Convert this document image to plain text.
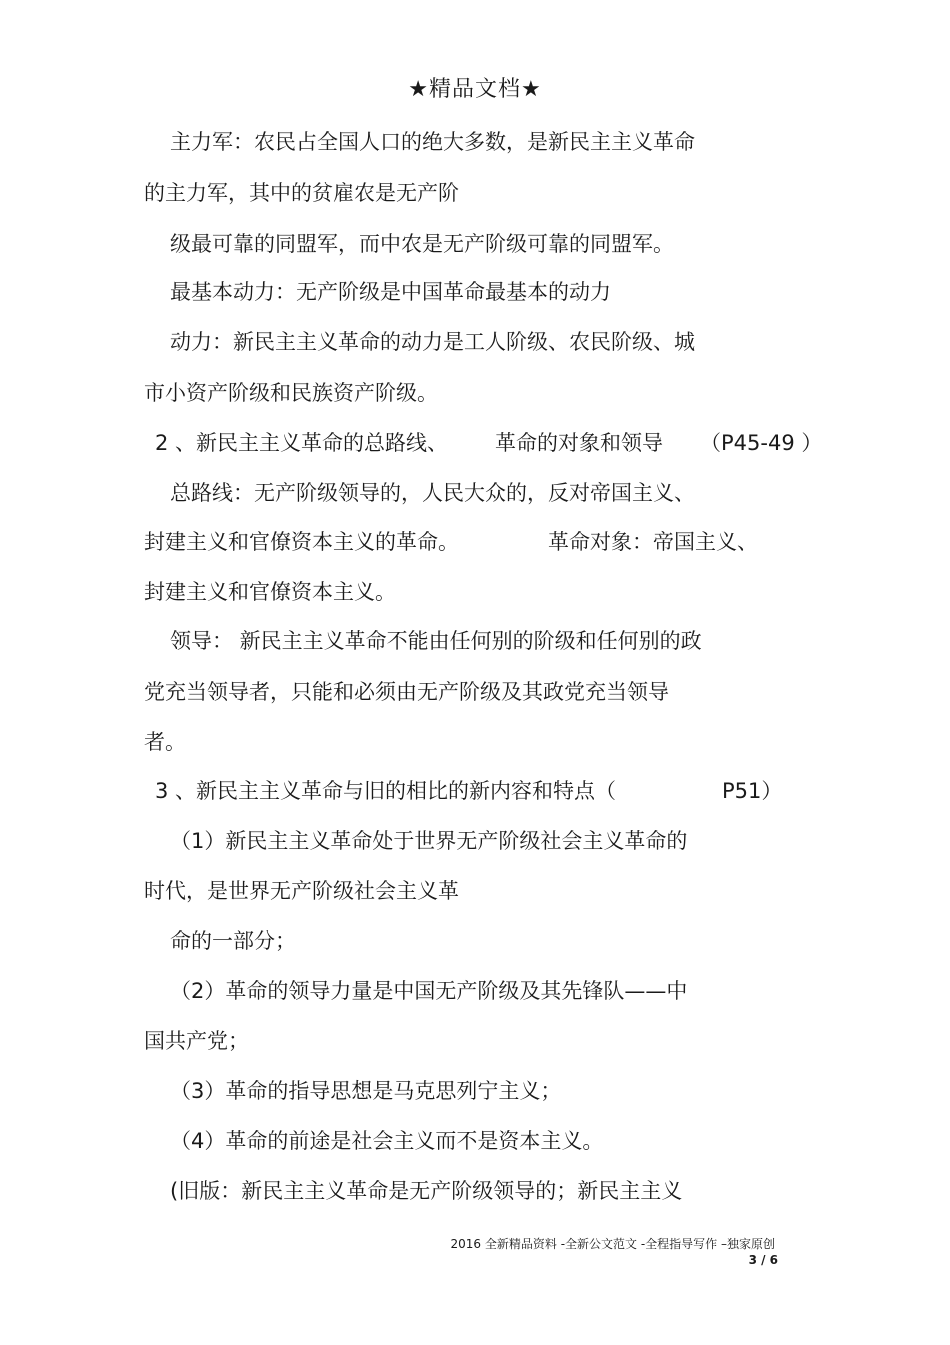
★精品文档★
主力军：农民占全国人口的绝大多数，是新民主主义革命
的主力军，其中的贫雇农是无产阶
级最可靠的同盟军，而中农是无产阶级可靠的同盟军。
最基本动力：无产阶级是中国革命最基本的动力
动力：新民主主义革命的动力是工人阶级、农民阶级、城
市小资产阶级和民族资产阶级。
2 、新民主主义革命的总路线、 革命的对象和领导 （P45-49 ）
总路线：无产阶级领导的，人民大众的，反对帝国主义、
封建主义和官僚资本主义的革命。	革命对象：帝国主义、
封建主义和官僚资本主义。
领导： 新民主主义革命不能由任何别的阶级和任何别的政
党充当领导者，只能和必须由无产阶级及其政党充当领导
者。
3 、新民主主义革命与旧的相比的新内容和特点（	P51）
（1）新民主主义革命处于世界无产阶级社会主义革命的
时代，是世界无产阶级社会主义革
命的一部分；
（2）革命的领导力量是中国无产阶级及其先锋队——中
国共产党；
（3）革命的指导思想是马克思列宁主义；
（4）革命的前途是社会主义而不是资本主义。
(旧版：新民主主义革命是无产阶级领导的；新民主主义
2016 全新精品资料 -全新公文范文 -全程指导写作 –独家原创
3 / 6
